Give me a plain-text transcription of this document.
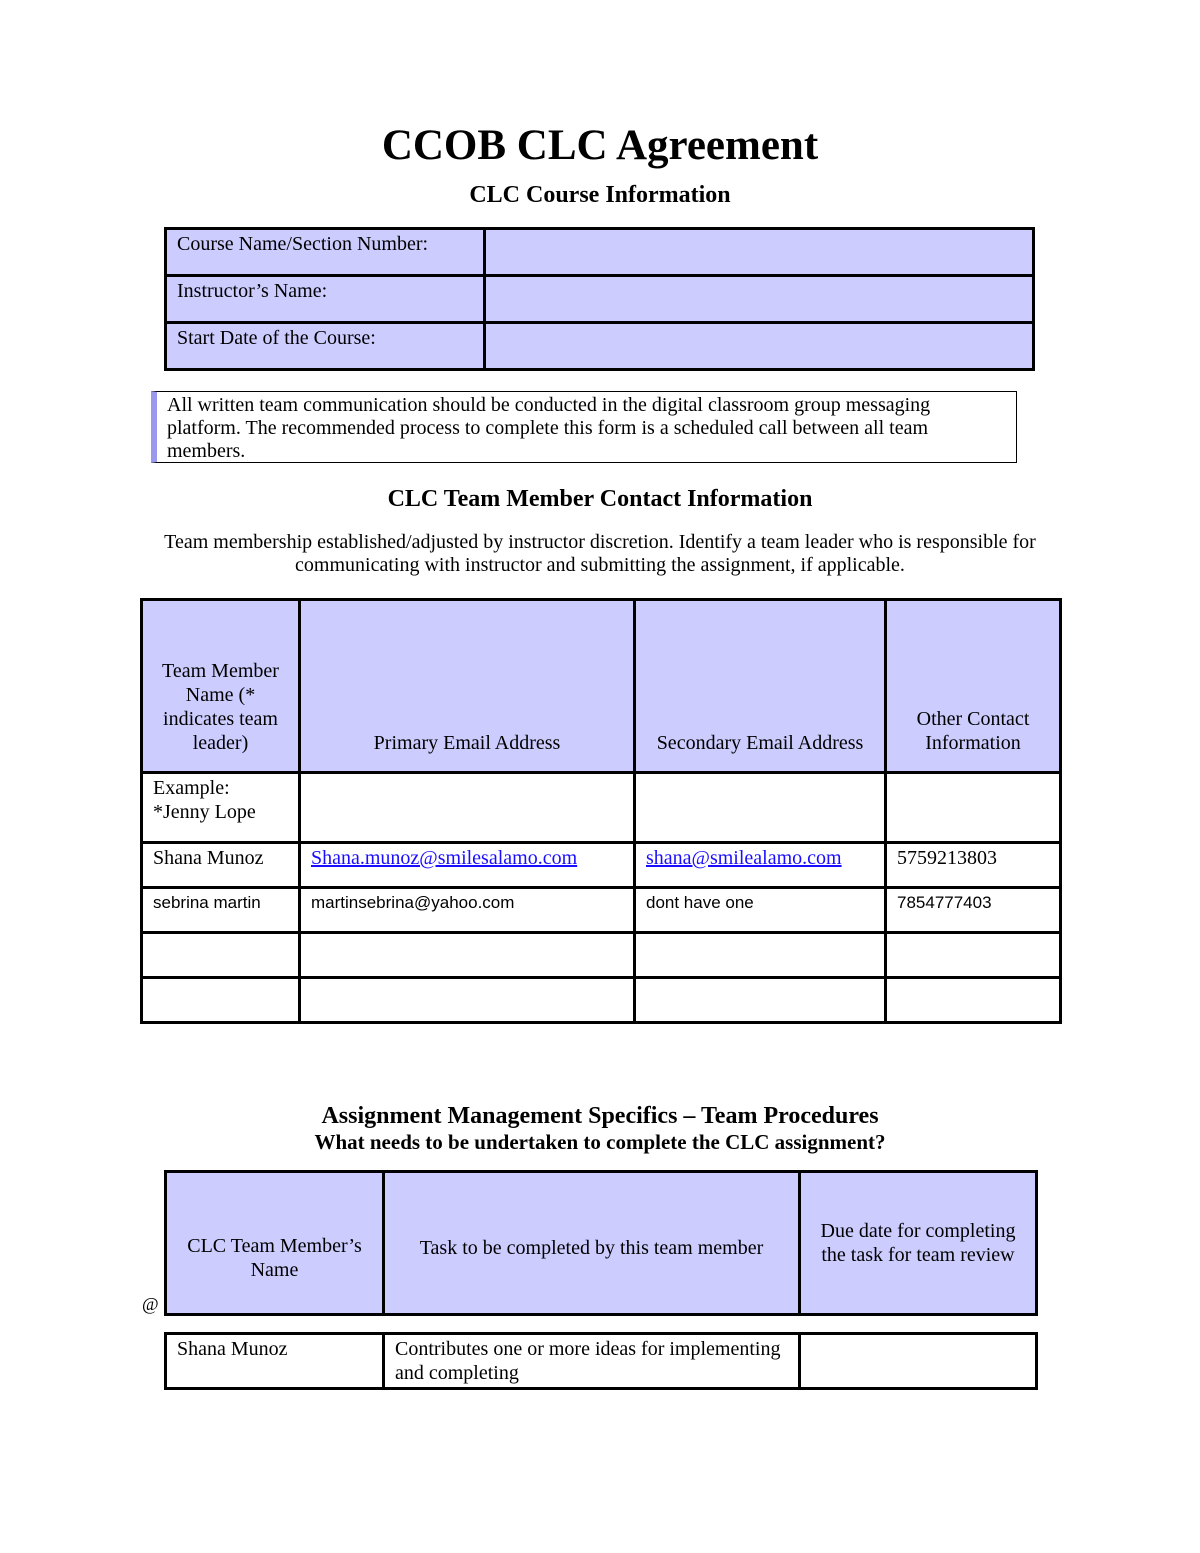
CCOB CLC Agreement
CLC Course Information
Course Name/Section Number:	
Instructor’s Name:	
Start Date of the Course:	
All written team communication should be conducted in the digital classroom group messaging platform. The recommended process to complete this form is a scheduled call between all team members.
CLC Team Member Contact Information
Team membership established/adjusted by instructor discretion. Identify a team leader who is responsible for communicating with instructor and submitting the assignment, if applicable.
Team Member Name (* indicates team leader)	Primary Email Address	Secondary Email Address	Other Contact Information
Example: *Jenny Lope			
Shana Munoz	Shana.munoz@smilesalamo.com	shana@smilealamo.com	5759213803
sebrina martin	martinsebrina@yahoo.com	dont have one	7854777403

Assignment Management Specifics – Team Procedures
What needs to be undertaken to complete the CLC assignment?
CLC Team Member’s Name	Task to be completed by this team member	Due date for completing the task for team review
@
Shana Munoz	Contributes one or more ideas for implementing and completing	
